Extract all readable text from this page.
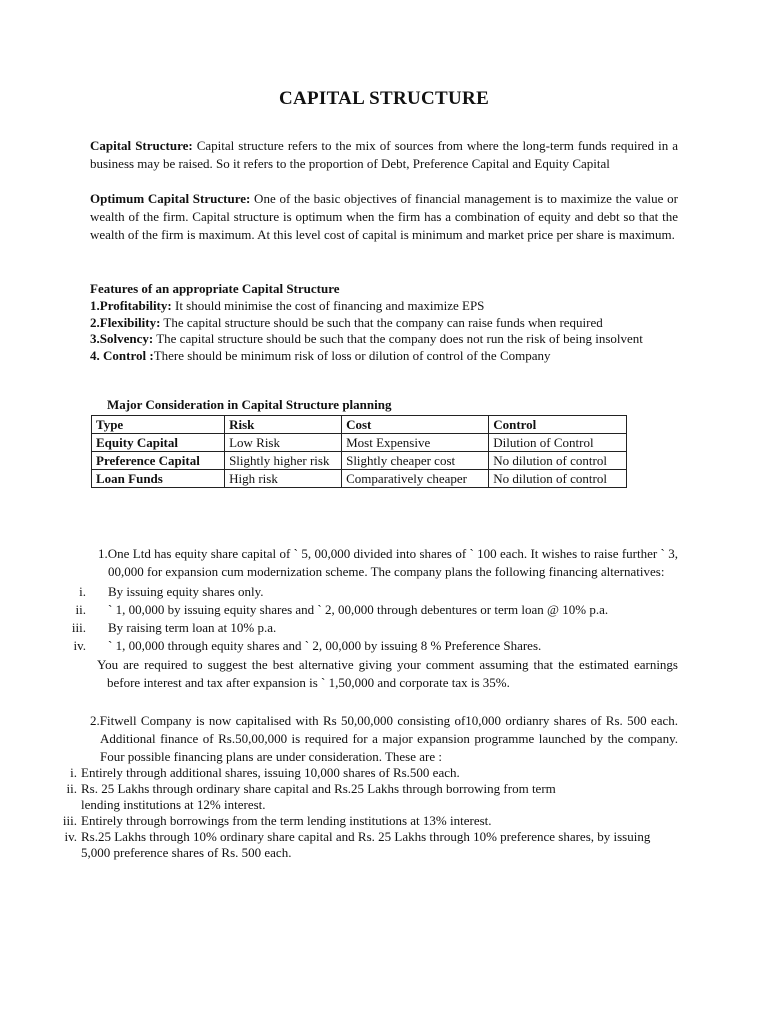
CAPITAL STRUCTURE
Capital Structure: Capital structure refers to the mix of sources from where the long-term funds required in a business may be raised. So it refers to the proportion of Debt, Preference Capital and Equity Capital
Optimum Capital Structure: One of the basic objectives of financial management is to maximize the value or wealth of the firm. Capital structure is optimum when the firm has a combination of equity and debt so that the wealth of the firm is maximum. At this level cost of capital is minimum and market price per share is maximum.
Features of an appropriate Capital Structure
1.Profitability: It should minimise the cost of financing and maximize EPS
2.Flexibility: The capital structure should be such that the company can raise funds when required
3.Solvency: The capital structure should be such that the company does not run the risk of being insolvent
4. Control :There should be minimum risk of loss or dilution of control of the Company
Major Consideration in Capital Structure planning
Type	Risk	Cost	Control
Equity Capital	Low Risk	Most Expensive	Dilution of Control
Preference Capital	Slightly higher risk	Slightly cheaper cost	No dilution of control
Loan Funds	High risk	Comparatively cheaper	No dilution of control
1.One Ltd has equity share capital of ` 5, 00,000 divided into shares of ` 100 each. It wishes to raise further ` 3, 00,000 for expansion cum modernization scheme. The company plans the following financing alternatives:
i. By issuing equity shares only.
ii. ` 1, 00,000 by issuing equity shares and ` 2, 00,000 through debentures or term loan @ 10% p.a.
iii. By raising term loan at 10% p.a.
iv. ` 1, 00,000 through equity shares and ` 2, 00,000 by issuing 8 % Preference Shares.
You are required to suggest the best alternative giving your comment assuming that the estimated earnings before interest and tax after expansion is ` 1,50,000 and corporate tax is 35%.
2.Fitwell Company is now capitalised with Rs 50,00,000 consisting of10,000 ordianry shares of Rs. 500 each. Additional finance of Rs.50,00,000 is required for a major expansion programme launched by the company. Four possible financing plans are under consideration. These are :
i. Entirely through additional shares, issuing 10,000 shares of Rs.500 each.
ii. Rs. 25 Lakhs through ordinary share capital and Rs.25 Lakhs through borrowing from term lending institutions at 12% interest.
iii. Entirely through borrowings from the term lending institutions at 13% interest.
iv. Rs.25 Lakhs through 10% ordinary share capital and Rs. 25 Lakhs through 10% preference shares, by issuing 5,000 preference shares of Rs. 500 each.
